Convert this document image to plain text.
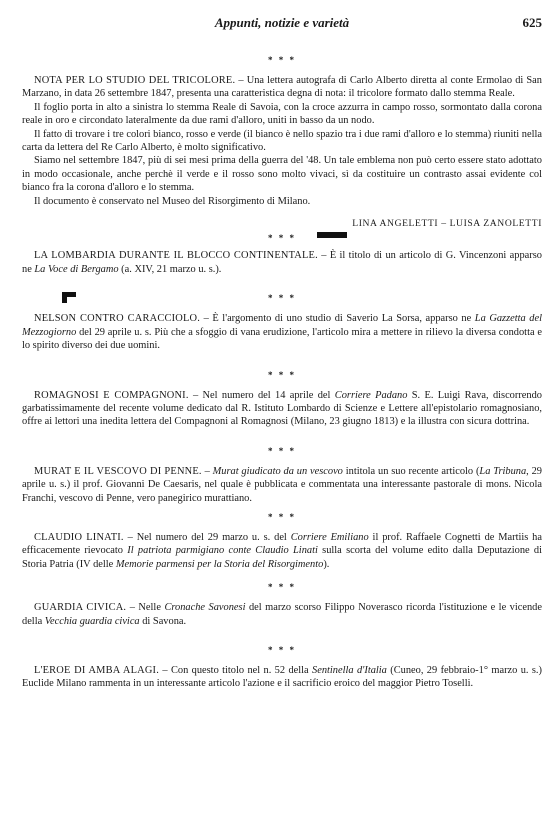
Appunti, notizie e varietà	625
* * *

NOTA PER LO STUDIO DEL TRICOLORE. – Una lettera autografa di Carlo Alberto diretta al conte Ermolao di San Marzano, in data 26 settembre 1847, presenta una caratteristica degna di nota: il tricolore formato dallo stemma Reale.

Il foglio porta in alto a sinistra lo stemma Reale di Savoia, con la croce azzurra in campo rosso, sormontato dalla corona reale in oro e circondato lateralmente da due rami d'alloro, uniti in basso da un nodo.

Il fatto di trovare i tre colori bianco, rosso e verde (il bianco è nello spazio tra i due rami d'alloro e lo stemma) riuniti nella carta da lettera del Re Carlo Alberto, è molto significativo.

Siamo nel settembre 1847, più di sei mesi prima della guerra del '48. Un tale emblema non può certo essere stato adottato in modo occasionale, anche perchè il verde e il rosso sono molto vivaci, sì da costituire un contrasto assai evidente col bianco fra la corona d'alloro e lo stemma.

Il documento è conservato nel Museo del Risorgimento di Milano.

LINA ANGELETTI – LUISA ZANOLETTI
* * *

LA LOMBARDIA DURANTE IL BLOCCO CONTINENTALE. – È il titolo di un articolo di G. Vincenzoni apparso ne La Voce di Bergamo (a. XIV, 21 marzo u. s.).

* * *

NELSON CONTRO CARACCIOLO. – È l'argomento di uno studio di Saverio La Sorsa, apparso ne La Gazzetta del Mezzogiorno del 29 aprile u. s. Più che a sfoggio di vana erudizione, l'articolo mira a mettere in rilievo la diversa condotta e lo spirito diverso dei due uomini.

* * *

ROMAGNOSI E COMPAGNONI. – Nel numero del 14 aprile del Corriere Padano S. E. Luigi Rava, discorrendo garbatissimamente del recente volume dedicato dal R. Istituto Lombardo di Scienze e Lettere all'epistolario romagnosiano, offre ai lettori una inedita lettera del Compagnoni al Romagnosi (Milano, 23 giugno 1813) e la illustra con sicura dottrina.

* * *

MURAT E IL VESCOVO DI PENNE. – Murat giudicato da un vescovo intitola un suo recente articolo (La Tribuna, 29 aprile u. s.) il prof. Giovanni De Caesaris, nel quale è pubblicata e commentata una interessante pastorale di mons. Nicola Franchi, vescovo di Penne, vero panegirico murattiano.

* * *

CLAUDIO LINATI. – Nel numero del 29 marzo u. s. del Corriere Emiliano il prof. Raffaele Cognetti de Martiis ha efficacemente rievocato Il patriota parmigiano conte Claudio Linati sulla scorta del volume edito dalla Deputazione di Storia Patria (IV delle Memorie parmensi per la Storia del Risorgimento).

* * *

GUARDIA CIVICA. – Nelle Cronache Savonesi del marzo scorso Filippo Noverasco ricorda l'istituzione e le vicende della Vecchia guardia civica di Savona.

* * *

L'EROE DI AMBA ALAGI. – Con questo titolo nel n. 52 della Sentinella d'Italia (Cuneo, 29 febbraio-1° marzo u. s.) Euclide Milano rammenta in un interessante articolo l'azione e il sacrificio eroico del maggior Pietro Toselli.
